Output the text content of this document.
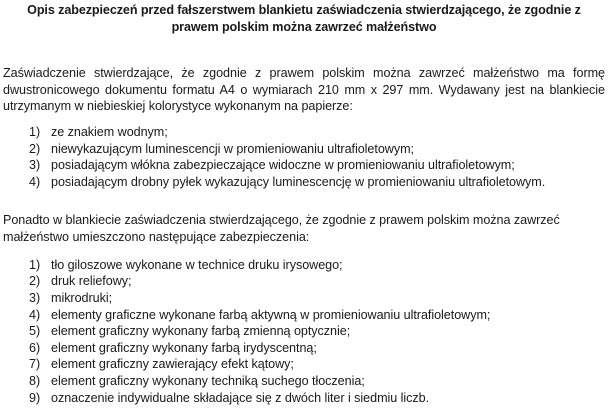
Opis zabezpieczeń przed fałszerstwem blankietu zaświadczenia stwierdzającego, że zgodnie z prawem polskim można zawrzeć małżeństwo

Zaświadczenie stwierdzające, że zgodnie z prawem polskim można zawrzeć małżeństwo ma formę dwustronicowego dokumentu formatu A4 o wymiarach 210 mm x 297 mm. Wydawany jest na blankiecie utrzymanym w niebieskiej kolorystyce wykonanym na papierze:

1) ze znakiem wodnym;
2) niewykazującym luminescencji w promieniowaniu ultrafioletowym;
3) posiadającym włókna zabezpieczające widoczne w promieniowaniu ultrafioletowym;
4) posiadającym drobny pyłek wykazujący luminescencję w promieniowaniu ultrafioletowym.

Ponadto w blankiecie zaświadczenia stwierdzającego, że zgodnie z prawem polskim można zawrzeć małżeństwo umieszczono następujące zabezpieczenia:

1) tło giloszowe wykonane w technice druku irysowego;
2) druk reliefowy;
3) mikrodruki;
4) elementy graficzne wykonane farbą aktywną w promieniowaniu ultrafioletowym;
5) element graficzny wykonany farbą zmienną optycznie;
6) element graficzny wykonany farbą irydyscentną;
7) element graficzny zawierający efekt kątowy;
8) element graficzny wykonany techniką suchego tłoczenia;
9) oznaczenie indywidualne składające się z dwóch liter i siedmiu liczb.
